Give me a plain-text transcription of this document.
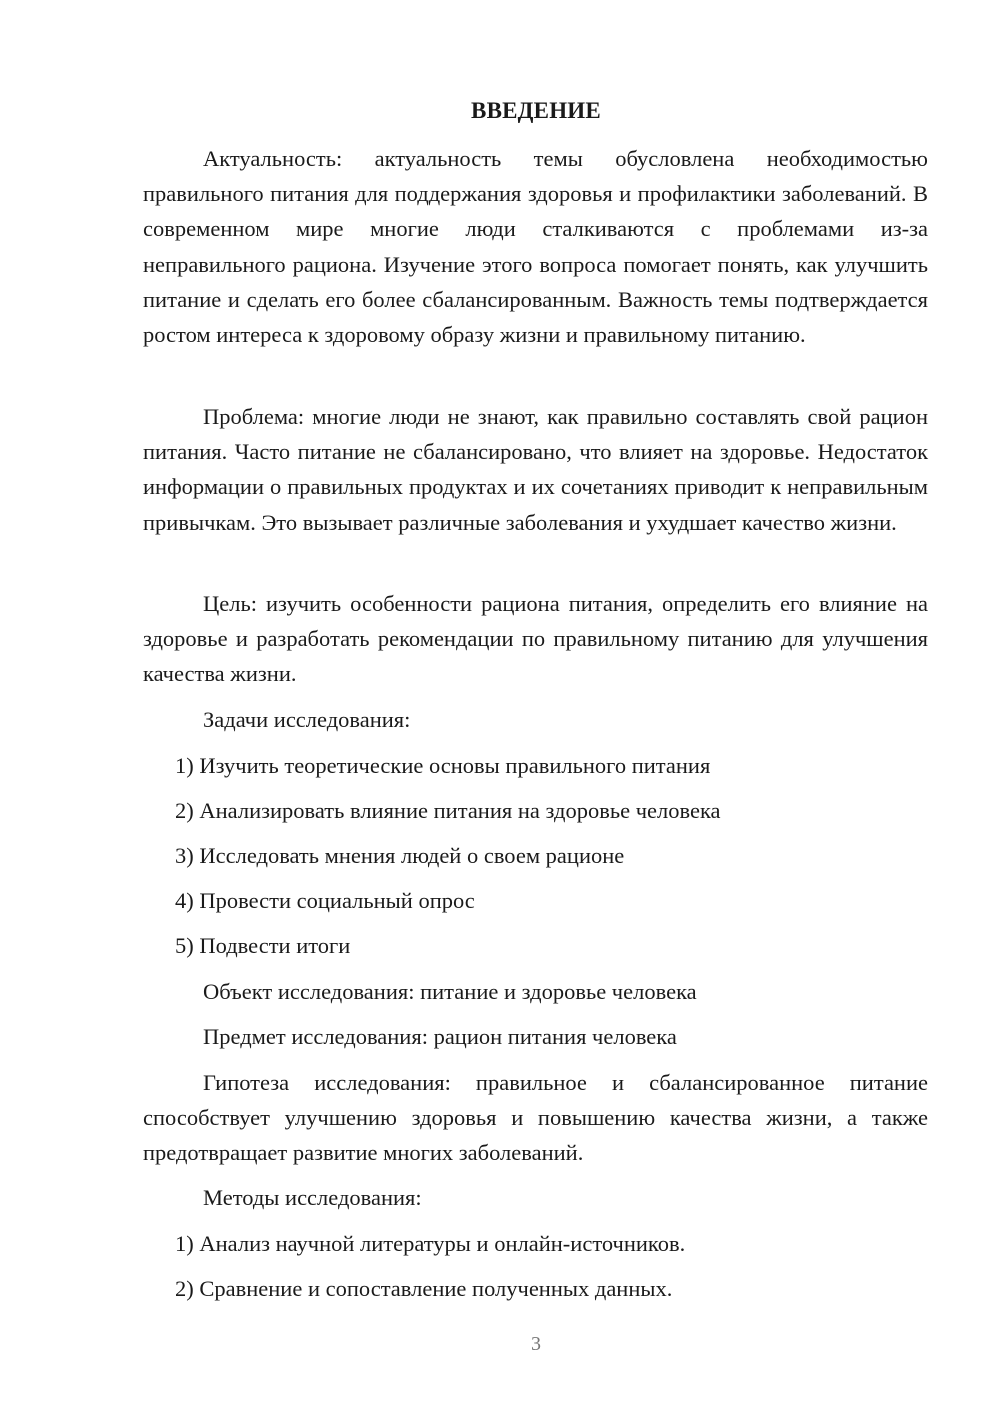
ВВЕДЕНИЕ

Актуальность: актуальность темы обусловлена необходимостью правильного питания для поддержания здоровья и профилактики заболеваний. В современном мире многие люди сталкиваются с проблемами из-за неправильного рациона. Изучение этого вопроса помогает понять, как улучшить питание и сделать его более сбалансированным. Важность темы подтверждается ростом интереса к здоровому образу жизни и правильному питанию.

Проблема: многие люди не знают, как правильно составлять свой рацион питания. Часто питание не сбалансировано, что влияет на здоровье. Недостаток информации о правильных продуктах и их сочетаниях приводит к неправильным привычкам. Это вызывает различные заболевания и ухудшает качество жизни.

Цель: изучить особенности рациона питания, определить его влияние на здоровье и разработать рекомендации по правильному питанию для улучшения качества жизни.

Задачи исследования:
1) Изучить теоретические основы правильного питания
2) Анализировать влияние питания на здоровье человека
3) Исследовать мнения людей о своем рационе
4) Провести социальный опрос
5) Подвести итоги
Объект исследования: питание и здоровье человека
Предмет исследования: рацион питания человека

Гипотеза исследования: правильное и сбалансированное питание способствует улучшению здоровья и повышению качества жизни, а также предотвращает развитие многих заболеваний.

Методы исследования:
1) Анализ научной литературы и онлайн-источников.
2) Сравнение и сопоставление полученных данных.
3
